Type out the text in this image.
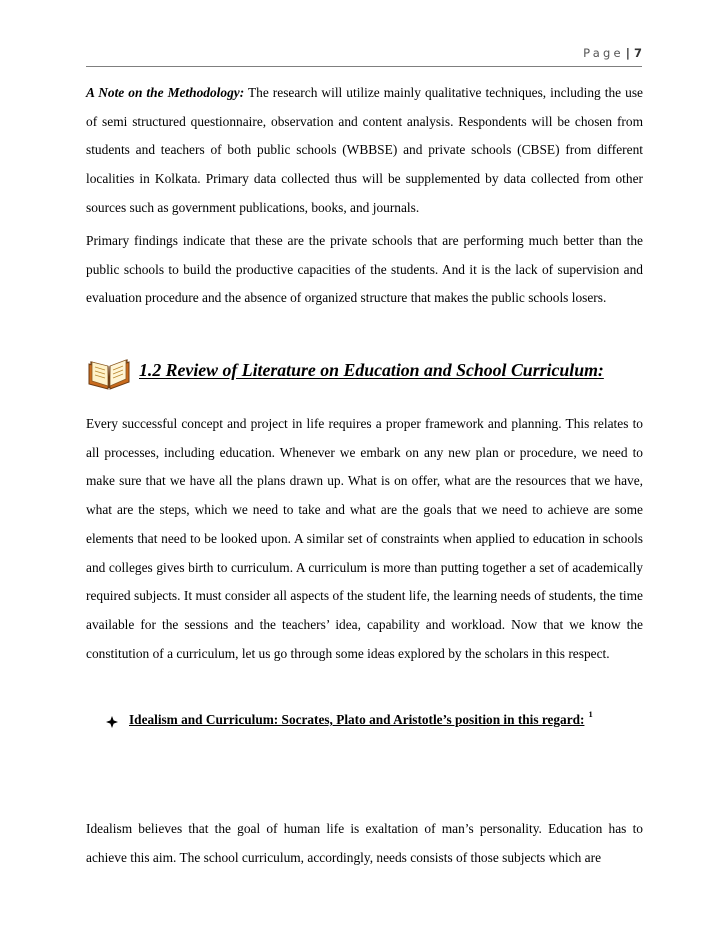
Page | 7

A Note on the Methodology: The research will utilize mainly qualitative techniques, including the use of semi structured questionnaire, observation and content analysis. Respondents will be chosen from students and teachers of both public schools (WBBSE) and private schools (CBSE) from different localities in Kolkata. Primary data collected thus will be supplemented by data collected from other sources such as government publications, books, and journals.

Primary findings indicate that these are the private schools that are performing much better than the public schools to build the productive capacities of the students. And it is the lack of supervision and evaluation procedure and the absence of organized structure that makes the public schools losers.

1.2 Review of Literature on Education and School Curriculum:

Every successful concept and project in life requires a proper framework and planning. This relates to all processes, including education. Whenever we embark on any new plan or procedure, we need to make sure that we have all the plans drawn up. What is on offer, what are the resources that we have, what are the steps, which we need to take and what are the goals that we need to achieve are some elements that need to be looked upon. A similar set of constraints when applied to education in schools and colleges gives birth to curriculum. A curriculum is more than putting together a set of academically required subjects. It must consider all aspects of the student life, the learning needs of students, the time available for the sessions and the teachers’ idea, capability and workload. Now that we know the constitution of a curriculum, let us go through some ideas explored by the scholars in this respect.

Idealism and Curriculum: Socrates, Plato and Aristotle’s position in this regard: 1

Idealism believes that the goal of human life is exaltation of man’s personality. Education has to achieve this aim. The school curriculum, accordingly, needs consists of those subjects which are
